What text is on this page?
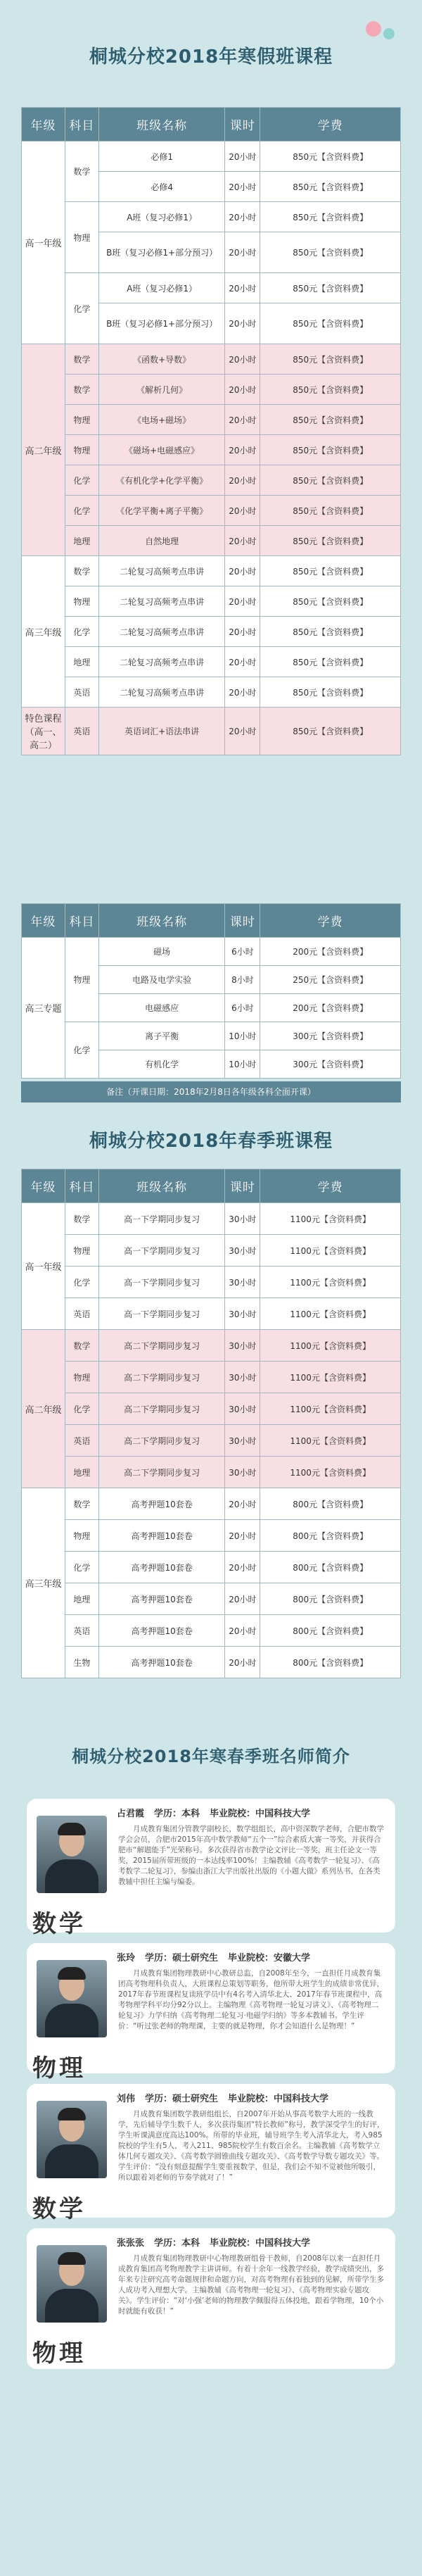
桐城分校2018年寒假班课程
年级	科目	班级名称	课时	学费
高一年级	数学	必修1	20小时	850元【含资料费】
		必修4	20小时	850元【含资料费】
	物理	A班（复习必修1）	20小时	850元【含资料费】
		B班（复习必修1+部分预习）	20小时	850元【含资料费】
	化学	A班（复习必修1）	20小时	850元【含资料费】
		B班（复习必修1+部分预习）	20小时	850元【含资料费】
高二年级	数学	《函数+导数》	20小时	850元【含资料费】
	数学	《解析几何》	20小时	850元【含资料费】
	物理	《电场+磁场》	20小时	850元【含资料费】
	物理	《磁场+电磁感应》	20小时	850元【含资料费】
	化学	《有机化学+化学平衡》	20小时	850元【含资料费】
	化学	《化学平衡+离子平衡》	20小时	850元【含资料费】
	地理	自然地理	20小时	850元【含资料费】
高三年级	数学	二轮复习高频考点串讲	20小时	850元【含资料费】
	物理	二轮复习高频考点串讲	20小时	850元【含资料费】
	化学	二轮复习高频考点串讲	20小时	850元【含资料费】
	地理	二轮复习高频考点串讲	20小时	850元【含资料费】
	英语	二轮复习高频考点串讲	20小时	850元【含资料费】
特色课程（高一、高二）	英语	英语词汇+语法串讲	20小时	850元【含资料费】
年级	科目	班级名称	课时	学费
高三专题	物理	磁场	6小时	200元【含资料费】
		电路及电学实验	8小时	250元【含资料费】
		电磁感应	6小时	200元【含资料费】
	化学	离子平衡	10小时	300元【含资料费】
		有机化学	10小时	300元【含资料费】
备注（开课日期：2018年2月8日各年级各科全面开课）
桐城分校2018年春季班课程
年级	科目	班级名称	课时	学费
高一年级	数学	高一下学期同步复习	30小时	1100元【含资料费】
	物理	高一下学期同步复习	30小时	1100元【含资料费】
	化学	高一下学期同步复习	30小时	1100元【含资料费】
	英语	高一下学期同步复习	30小时	1100元【含资料费】
高二年级	数学	高二下学期同步复习	30小时	1100元【含资料费】
	物理	高二下学期同步复习	30小时	1100元【含资料费】
	化学	高二下学期同步复习	30小时	1100元【含资料费】
	英语	高二下学期同步复习	30小时	1100元【含资料费】
	地理	高二下学期同步复习	30小时	1100元【含资料费】
高三年级	数学	高考押题10套卷	20小时	800元【含资料费】
	物理	高考押题10套卷	20小时	800元【含资料费】
	化学	高考押题10套卷	20小时	800元【含资料费】
	地理	高考押题10套卷	20小时	800元【含资料费】
	英语	高考押题10套卷	20小时	800元【含资料费】
	生物	高考押题10套卷	20小时	800元【含资料费】
桐城分校2018年寒春季班名师简介
数学
占君霞 学历：本科 毕业院校：中国科技大学
月成教育集团分管教学副校长，数学组组长，高中资深数学老师，合肥市数学学会会员，合肥市2015年高中数学教师“五个一”综合素质大赛一等奖，并获得合肥市“解题能手”光荣称号。多次获得省市教学论文评比一等奖，班主任论文一等奖，2015届所带班级的一本达线率100%！主编教辅《高考数学一轮复习》、《高考数学二轮复习》，参编由浙江大学出版社出版的《小题大做》系列丛书，在各类教辅中担任主编与编委。
物理
张玲 学历：硕士研究生 毕业院校：安徽大学
月成教育集团物理教研中心教研总监，自2008年至今，一直担任月成教育集团高考物理科负责人，大班课程总策划等职务，他所带大班学生的成绩非常优异，2017年春节班课程复读班学员中有4名考入清华北大、2017年春节班课程中，高考物理学科平均分92分以上。主编物理《高考物理一轮复习讲义》、《高考物理二轮复习》力学归纳《高考物理二轮复习·电磁学归纳》等多本教辅书。学生评价：“听过张老师的物理课，主要的就是物理，你才会知道什么是物理！”
数学
刘伟 学历：硕士研究生 毕业院校：中国科技大学
月成教育集团数学教研组组长，自2007年开始从事高考数学大班的一线教学，先后辅导学生数千人，多次获得集团“特长教师”称号，教学深受学生的好评，学生听课满意度高达100%。所带的毕业班，辅导班学生考入清华北大，考入985院校的学生有5人，考入211、985院校学生有数百余名。主编教辅《高考数学立体几何专题攻关》、《高考数学圆锥曲线专题攻关》、《高考数学导数专题攻关》等。学生评价：“没有刻意提醒学生要重视数学，但是，我们会不知不觉被他所吸引，所以跟着刘老师的节奏学就对了！”
物理
张张张 学历：本科 毕业院校：中国科技大学
月成教育集团物理教研中心物理教研组骨干教师，自2008年以来一直担任月成教育集团高考物理教学主讲讲师。有着十余年一线教学经验，教学成绩突出，多年来专注研究高考命题规律和命题方向，对高考物理有着独到的见解，所带学生多人成功考入理想大学。主编教辅《高考物理一轮复习》、《高考物理实验专题攻关》。学生评价：“对‘小强’老师的物理教学佩服得五体投地，跟着学物理，10个小时就能有收获！”
